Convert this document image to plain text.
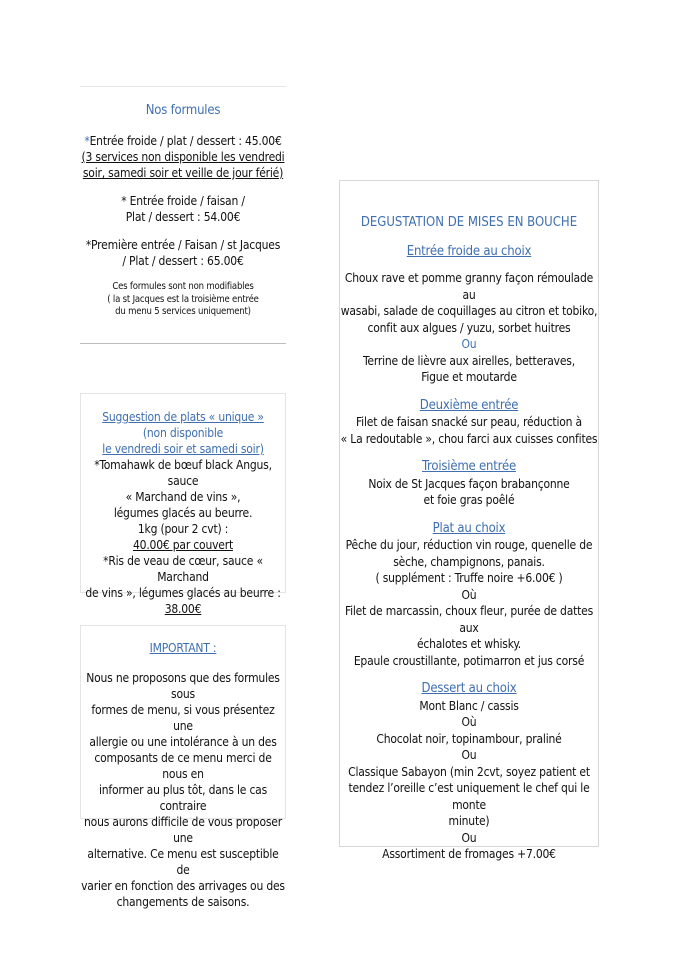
Nos formules
*Entrée froide / plat / dessert : 45.00€
(3 services non disponible les vendredi
soir, samedi soir et veille de jour férié)
* Entrée froide / faisan /
Plat / dessert : 54.00€
*Première entrée / Faisan / st Jacques
/ Plat / dessert : 65.00€
Ces formules sont non modifiables
( la st Jacques est la troisième entrée
du menu 5 services uniquement)
Suggestion de plats « unique »
(non disponible
le vendredi soir et samedi soir)
*Tomahawk de bœuf black Angus, sauce
« Marchand de vins »,
légumes glacés au beurre.
1kg (pour 2 cvt) :
40.00€ par couvert
*Ris de veau de cœur, sauce « Marchand
de vins », légumes glacés au beurre :
38.00€
IMPORTANT :
Nous ne proposons que des formules sous
formes de menu, si vous présentez une
allergie ou une intolérance à un des
composants de ce menu merci de nous en
informer au plus tôt, dans le cas contraire
nous aurons difficile de vous proposer une
alternative. Ce menu est susceptible de
varier en fonction des arrivages ou des
changements de saisons.
DEGUSTATION DE MISES EN BOUCHE
Entrée froide au choix
Choux rave et pomme granny façon rémoulade au
wasabi, salade de coquillages au citron et tobiko,
confit aux algues / yuzu, sorbet huitres
Ou
Terrine de lièvre aux airelles, betteraves,
Figue et moutarde
Deuxième entrée
Filet de faisan snacké sur peau, réduction à
« La redoutable », chou farci aux cuisses confites
Troisième entrée
Noix de St Jacques façon brabançonne
et foie gras poêlé
Plat au choix
Pêche du jour, réduction vin rouge, quenelle de
sèche, champignons, panais.
( supplément : Truffe noire +6.00€ )
Où
Filet de marcassin, choux fleur, purée de dattes aux
échalotes et whisky.
Epaule croustillante, potimarron et jus corsé
Dessert au choix
Mont Blanc / cassis
Où
Chocolat noir, topinambour, praliné
Ou
Classique Sabayon (min 2cvt, soyez patient et
tendez l’oreille c’est uniquement le chef qui le monte
minute)
Ou
Assortiment de fromages +7.00€
